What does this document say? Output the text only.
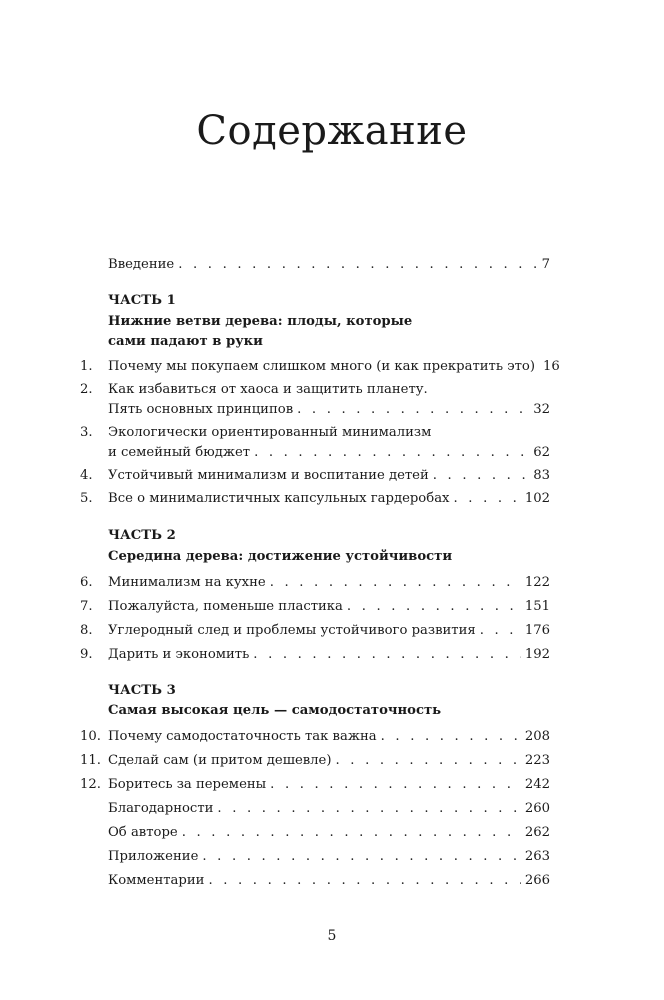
Содержание
Введение . . .	7
ЧАСТЬ 1
Нижние ветви дерева: плоды, которые
сами падают в руки
1. Почему мы покупаем слишком много (и как прекратить это) 16
2. Как избавиться от хаоса и защитить планету.
Пять основных принципов . . .	32
3. Экологически ориентированный минимализм
и семейный бюджет . . .	62
4. Устойчивый минимализм и воспитание детей . . .	83
5. Все о минималистичных капсульных гардеробах . . .	102
ЧАСТЬ 2
Середина дерева: достижение устойчивости
6. Минимализм на кухне . . .	122
7. Пожалуйста, поменьше пластика . . .	151
8. Углеродный след и проблемы устойчивого развития . . .	176
9. Дарить и экономить . . .	192
ЧАСТЬ 3
Самая высокая цель — самодостаточность
10. Почему самодостаточность так важна . . .	208
11. Сделай сам (и притом дешевле) . . .	223
12. Боритесь за перемены . . .	242
Благодарности . . .	260
Об авторе . . .	262
Приложение . . .	263
Комментарии . . .	266
5
